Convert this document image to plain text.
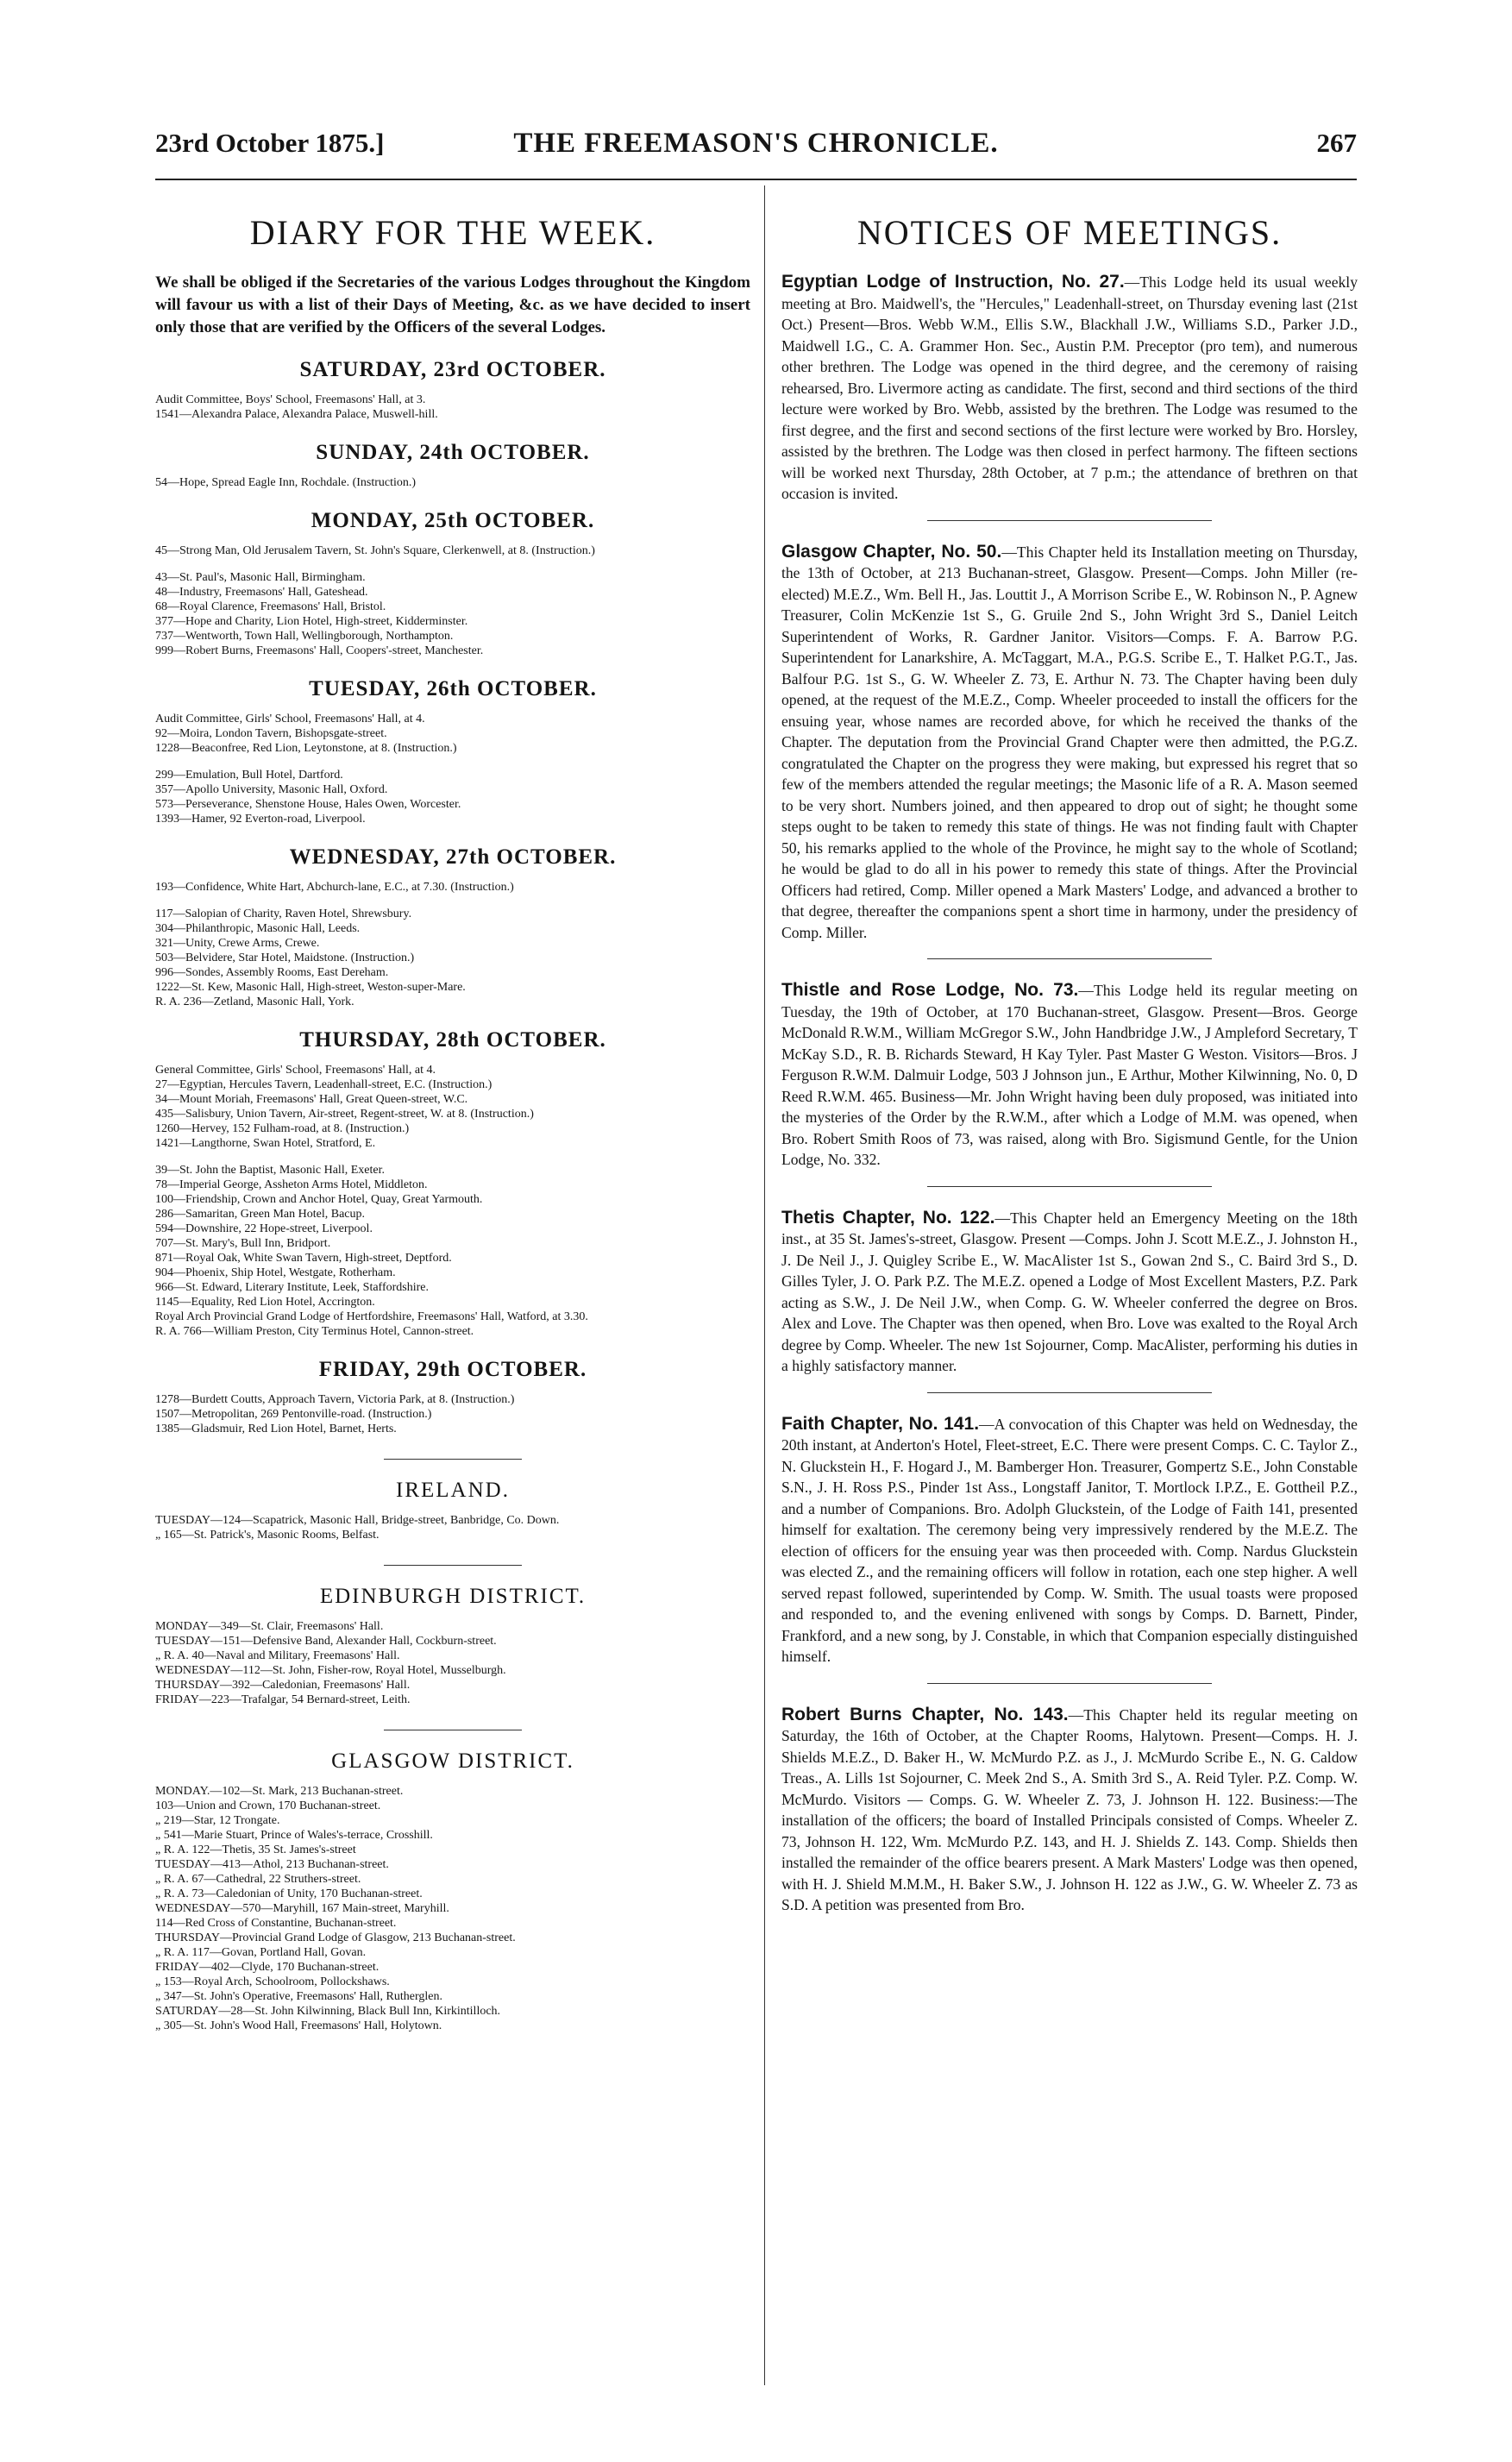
23rd October 1875.]	THE FREEMASON'S CHRONICLE.	267
DIARY FOR THE WEEK.
We shall be obliged if the Secretaries of the various Lodges throughout the Kingdom will favour us with a list of their Days of Meeting, &c. as we have decided to insert only those that are verified by the Officers of the several Lodges.
SATURDAY, 23rd OCTOBER.
Audit Committee, Boys' School, Freemasons' Hall, at 3.
1541—Alexandra Palace, Alexandra Palace, Muswell-hill.
SUNDAY, 24th OCTOBER.
54—Hope, Spread Eagle Inn, Rochdale. (Instruction.)
MONDAY, 25th OCTOBER.
45—Strong Man, Old Jerusalem Tavern, St. John's Square, Clerkenwell, at 8. (Instruction.)
43—St. Paul's, Masonic Hall, Birmingham.
48—Industry, Freemasons' Hall, Gateshead.
68—Royal Clarence, Freemasons' Hall, Bristol.
377—Hope and Charity, Lion Hotel, High-street, Kidderminster.
737—Wentworth, Town Hall, Wellingborough, Northampton.
999—Robert Burns, Freemasons' Hall, Coopers'-street, Manchester.
TUESDAY, 26th OCTOBER.
Audit Committee, Girls' School, Freemasons' Hall, at 4.
92—Moira, London Tavern, Bishopsgate-street.
1228—Beaconfree, Red Lion, Leytonstone, at 8. (Instruction.)
299—Emulation, Bull Hotel, Dartford.
357—Apollo University, Masonic Hall, Oxford.
573—Perseverance, Shenstone House, Hales Owen, Worcester.
1393—Hamer, 92 Everton-road, Liverpool.
WEDNESDAY, 27th OCTOBER.
193—Confidence, White Hart, Abchurch-lane, E.C., at 7.30. (Instruction.)
117—Salopian of Charity, Raven Hotel, Shrewsbury.
304—Philanthropic, Masonic Hall, Leeds.
321—Unity, Crewe Arms, Crewe.
503—Belvidere, Star Hotel, Maidstone. (Instruction.)
996—Sondes, Assembly Rooms, East Dereham.
1222—St. Kew, Masonic Hall, High-street, Weston-super-Mare.
R. A. 236—Zetland, Masonic Hall, York.
THURSDAY, 28th OCTOBER.
General Committee, Girls' School, Freemasons' Hall, at 4.
27—Egyptian, Hercules Tavern, Leadenhall-street, E.C. (Instruction.)
34—Mount Moriah, Freemasons' Hall, Great Queen-street, W.C.
435—Salisbury, Union Tavern, Air-street, Regent-street, W. at 8. (Instruction.)
1260—Hervey, 152 Fulham-road, at 8. (Instruction.)
1421—Langthorne, Swan Hotel, Stratford, E.
39—St. John the Baptist, Masonic Hall, Exeter.
78—Imperial George, Assheton Arms Hotel, Middleton.
100—Friendship, Crown and Anchor Hotel, Quay, Great Yarmouth.
286—Samaritan, Green Man Hotel, Bacup.
594—Downshire, 22 Hope-street, Liverpool.
707—St. Mary's, Bull Inn, Bridport.
871—Royal Oak, White Swan Tavern, High-street, Deptford.
904—Phoenix, Ship Hotel, Westgate, Rotherham.
966—St. Edward, Literary Institute, Leek, Staffordshire.
1145—Equality, Red Lion Hotel, Accrington.
Royal Arch Provincial Grand Lodge of Hertfordshire, Freemasons' Hall, Watford, at 3.30.
R. A. 766—William Preston, City Terminus Hotel, Cannon-street.
FRIDAY, 29th OCTOBER.
1278—Burdett Coutts, Approach Tavern, Victoria Park, at 8. (Instruction.)
1507—Metropolitan, 269 Pentonville-road. (Instruction.)
1385—Gladsmuir, Red Lion Hotel, Barnet, Herts.
IRELAND.
TUESDAY—124—Scapatrick, Masonic Hall, Bridge-street, Banbridge, Co. Down.
„ 165—St. Patrick's, Masonic Rooms, Belfast.
EDINBURGH DISTRICT.
MONDAY—349—St. Clair, Freemasons' Hall.
TUESDAY—151—Defensive Band, Alexander Hall, Cockburn-street.
„ R. A. 40—Naval and Military, Freemasons' Hall.
WEDNESDAY—112—St. John, Fisher-row, Royal Hotel, Musselburgh.
THURSDAY—392—Caledonian, Freemasons' Hall.
FRIDAY—223—Trafalgar, 54 Bernard-street, Leith.
GLASGOW DISTRICT.
MONDAY.—102—St. Mark, 213 Buchanan-street.
103—Union and Crown, 170 Buchanan-street.
„ 219—Star, 12 Trongate.
„ 541—Marie Stuart, Prince of Wales's-terrace, Crosshill.
„ R. A. 122—Thetis, 35 St. James's-street
TUESDAY—413—Athol, 213 Buchanan-street.
„ R. A. 67—Cathedral, 22 Struthers-street.
„ R. A. 73—Caledonian of Unity, 170 Buchanan-street.
WEDNESDAY—570—Maryhill, 167 Main-street, Maryhill.
114—Red Cross of Constantine, Buchanan-street.
THURSDAY—Provincial Grand Lodge of Glasgow, 213 Buchanan-street.
„ R. A. 117—Govan, Portland Hall, Govan.
FRIDAY—402—Clyde, 170 Buchanan-street.
„ 153—Royal Arch, Schoolroom, Pollockshaws.
„ 347—St. John's Operative, Freemasons' Hall, Rutherglen.
SATURDAY—28—St. John Kilwinning, Black Bull Inn, Kirkintilloch.
„ 305—St. John's Wood Hall, Freemasons' Hall, Holytown.
NOTICES OF MEETINGS.
Egyptian Lodge of Instruction, No. 27.—This Lodge held its usual weekly meeting at Bro. Maidwell's, the "Hercules," Leadenhall-street, on Thursday evening last (21st Oct.) Present—Bros. Webb W.M., Ellis S.W., Blackhall J.W., Williams S.D., Parker J.D., Maidwell I.G., C. A. Grammer Hon. Sec., Austin P.M. Preceptor (pro tem), and numerous other brethren. The Lodge was opened in the third degree, and the ceremony of raising rehearsed, Bro. Livermore acting as candidate. The first, second and third sections of the third lecture were worked by Bro. Webb, assisted by the brethren. The Lodge was resumed to the first degree, and the first and second sections of the first lecture were worked by Bro. Horsley, assisted by the brethren. The Lodge was then closed in perfect harmony. The fifteen sections will be worked next Thursday, 28th October, at 7 p.m.; the attendance of brethren on that occasion is invited.
Glasgow Chapter, No. 50.—This Chapter held its Installation meeting on Thursday, the 13th of October, at 213 Buchanan-street, Glasgow. Present—Comps. John Miller (re-elected) M.E.Z., Wm. Bell H., Jas. Louttit J., A Morrison Scribe E., W. Robinson N., P. Agnew Treasurer, Colin McKenzie 1st S., G. Gruile 2nd S., John Wright 3rd S., Daniel Leitch Superintendent of Works, R. Gardner Janitor. Visitors—Comps. F. A. Barrow P.G. Superintendent for Lanarkshire, A. McTaggart, M.A., P.G.S. Scribe E., T. Halket P.G.T., Jas. Balfour P.G. 1st S., G. W. Wheeler Z. 73, E. Arthur N. 73. The Chapter having been duly opened, at the request of the M.E.Z., Comp. Wheeler proceeded to install the officers for the ensuing year, whose names are recorded above, for which he received the thanks of the Chapter. The deputation from the Provincial Grand Chapter were then admitted, the P.G.Z. congratulated the Chapter on the progress they were making, but expressed his regret that so few of the members attended the regular meetings; the Masonic life of a R. A. Mason seemed to be very short. Numbers joined, and then appeared to drop out of sight; he thought some steps ought to be taken to remedy this state of things. He was not finding fault with Chapter 50, his remarks applied to the whole of the Province, he might say to the whole of Scotland; he would be glad to do all in his power to remedy this state of things. After the Provincial Officers had retired, Comp. Miller opened a Mark Masters' Lodge, and advanced a brother to that degree, thereafter the companions spent a short time in harmony, under the presidency of Comp. Miller.
Thistle and Rose Lodge, No. 73.—This Lodge held its regular meeting on Tuesday, the 19th of October, at 170 Buchanan-street, Glasgow. Present—Bros. George McDonald R.W.M., William McGregor S.W., John Handbridge J.W., J Ampleford Secretary, T McKay S.D., R. B. Richards Steward, H Kay Tyler. Past Master G Weston. Visitors—Bros. J Ferguson R.W.M. Dalmuir Lodge, 503 J Johnson jun., E Arthur, Mother Kilwinning, No. 0, D Reed R.W.M. 465. Business—Mr. John Wright having been duly proposed, was initiated into the mysteries of the Order by the R.W.M., after which a Lodge of M.M. was opened, when Bro. Robert Smith Roos of 73, was raised, along with Bro. Sigismund Gentle, for the Union Lodge, No. 332.
Thetis Chapter, No. 122.—This Chapter held an Emergency Meeting on the 18th inst., at 35 St. James's-street, Glasgow. Present —Comps. John J. Scott M.E.Z., J. Johnston H., J. De Neil J., J. Quigley Scribe E., W. MacAlister 1st S., Gowan 2nd S., C. Baird 3rd S., D. Gilles Tyler, J. O. Park P.Z. The M.E.Z. opened a Lodge of Most Excellent Masters, P.Z. Park acting as S.W., J. De Neil J.W., when Comp. G. W. Wheeler conferred the degree on Bros. Alex and Love. The Chapter was then opened, when Bro. Love was exalted to the Royal Arch degree by Comp. Wheeler. The new 1st Sojourner, Comp. MacAlister, performing his duties in a highly satisfactory manner.
Faith Chapter, No. 141.—A convocation of this Chapter was held on Wednesday, the 20th instant, at Anderton's Hotel, Fleet-street, E.C. There were present Comps. C. C. Taylor Z., N. Gluckstein H., F. Hogard J., M. Bamberger Hon. Treasurer, Gompertz S.E., John Constable S.N., J. H. Ross P.S., Pinder 1st Ass., Longstaff Janitor, T. Mortlock I.P.Z., E. Gottheil P.Z., and a number of Companions. Bro. Adolph Gluckstein, of the Lodge of Faith 141, presented himself for exaltation. The ceremony being very impressively rendered by the M.E.Z. The election of officers for the ensuing year was then proceeded with. Comp. Nardus Gluckstein was elected Z., and the remaining officers will follow in rotation, each one step higher. A well served repast followed, superintended by Comp. W. Smith. The usual toasts were proposed and responded to, and the evening enlivened with songs by Comps. D. Barnett, Pinder, Frankford, and a new song, by J. Constable, in which that Companion especially distinguished himself.
Robert Burns Chapter, No. 143.—This Chapter held its regular meeting on Saturday, the 16th of October, at the Chapter Rooms, Halytown. Present—Comps. H. J. Shields M.E.Z., D. Baker H., W. McMurdo P.Z. as J., J. McMurdo Scribe E., N. G. Caldow Treas., A. Lills 1st Sojourner, C. Meek 2nd S., A. Smith 3rd S., A. Reid Tyler. P.Z. Comp. W. McMurdo. Visitors — Comps. G. W. Wheeler Z. 73, J. Johnson H. 122. Business:—The installation of the officers; the board of Installed Principals consisted of Comps. Wheeler Z. 73, Johnson H. 122, Wm. McMurdo P.Z. 143, and H. J. Shields Z. 143. Comp. Shields then installed the remainder of the office bearers present. A Mark Masters' Lodge was then opened, with H. J. Shield M.M.M., H. Baker S.W., J. Johnson H. 122 as J.W., G. W. Wheeler Z. 73 as S.D. A petition was presented from Bro.
